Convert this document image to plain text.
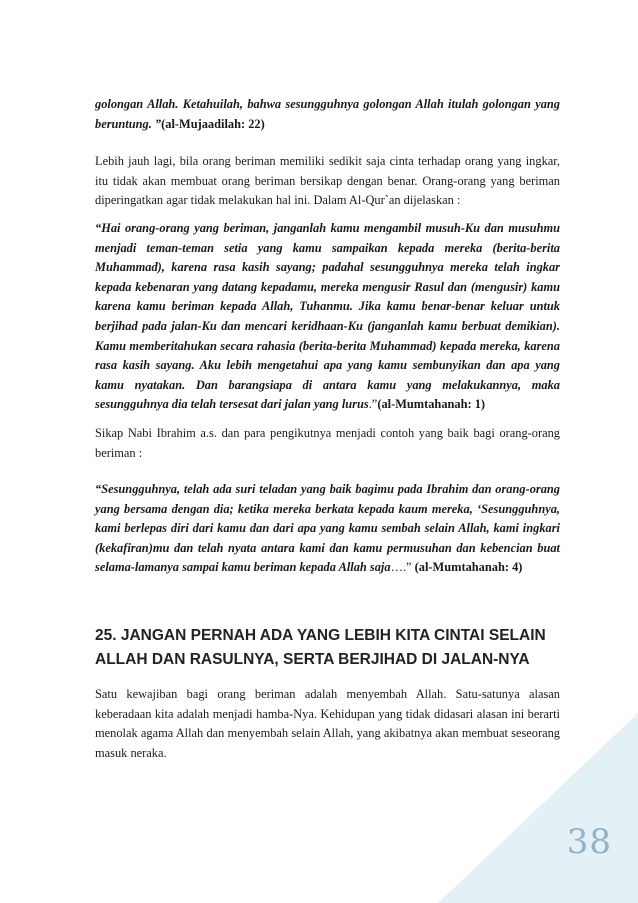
golongan Allah. Ketahuilah, bahwa sesungguhnya golongan Allah itulah golongan yang beruntung. ”(al-Mujaadilah: 22)

Lebih jauh lagi, bila orang beriman memiliki sedikit saja cinta terhadap orang yang ingkar, itu tidak akan membuat orang beriman bersikap dengan benar. Orang-orang yang beriman diperingatkan agar tidak melakukan hal ini. Dalam Al-Qur`an dijelaskan :

“Hai orang-orang yang beriman, janganlah kamu mengambil musuh-Ku dan musuhmu menjadi teman-teman setia yang kamu sampaikan kepada mereka (berita-berita Muhammad), karena rasa kasih sayang; padahal sesungguhnya mereka telah ingkar kepada kebenaran yang datang kepadamu, mereka mengusir Rasul dan (mengusir) kamu karena kamu beriman kepada Allah, Tuhanmu. Jika kamu benar-benar keluar untuk berjihad pada jalan-Ku dan mencari keridhaan-Ku (janganlah kamu berbuat demikian). Kamu memberitahukan secara rahasia (berita-berita Muhammad) kepada mereka, karena rasa kasih sayang. Aku lebih mengetahui apa yang kamu sembunyikan dan apa yang kamu nyatakan. Dan barangsiapa di antara kamu yang melakukannya, maka sesungguhnya dia telah tersesat dari jalan yang lurus.”(al-Mumtahanah: 1)

Sikap Nabi Ibrahim a.s. dan para pengikutnya menjadi contoh yang baik bagi orang-orang beriman :

“Sesungguhnya, telah ada suri teladan yang baik bagimu pada Ibrahim dan orang-orang yang bersama dengan dia; ketika mereka berkata kepada kaum mereka, ‘Sesungguhnya, kami berlepas diri dari kamu dan dari apa yang kamu sembah selain Allah, kami ingkari (kekafiran)mu dan telah nyata antara kami dan kamu permusuhan dan kebencian buat selama-lamanya sampai kamu beriman kepada Allah saja….” (al-Mumtahanah: 4)

25. JANGAN PERNAH ADA YANG LEBIH KITA CINTAI SELAIN
ALLAH DAN RASULNYA, SERTA BERJIHAD DI JALAN-NYA

Satu kewajiban bagi orang beriman adalah menyembah Allah. Satu-satunya alasan keberadaan kita adalah menjadi hamba-Nya. Kehidupan yang tidak didasari alasan ini berarti menolak agama Allah dan menyembah selain Allah, yang akibatnya akan membuat seseorang masuk neraka.

38
